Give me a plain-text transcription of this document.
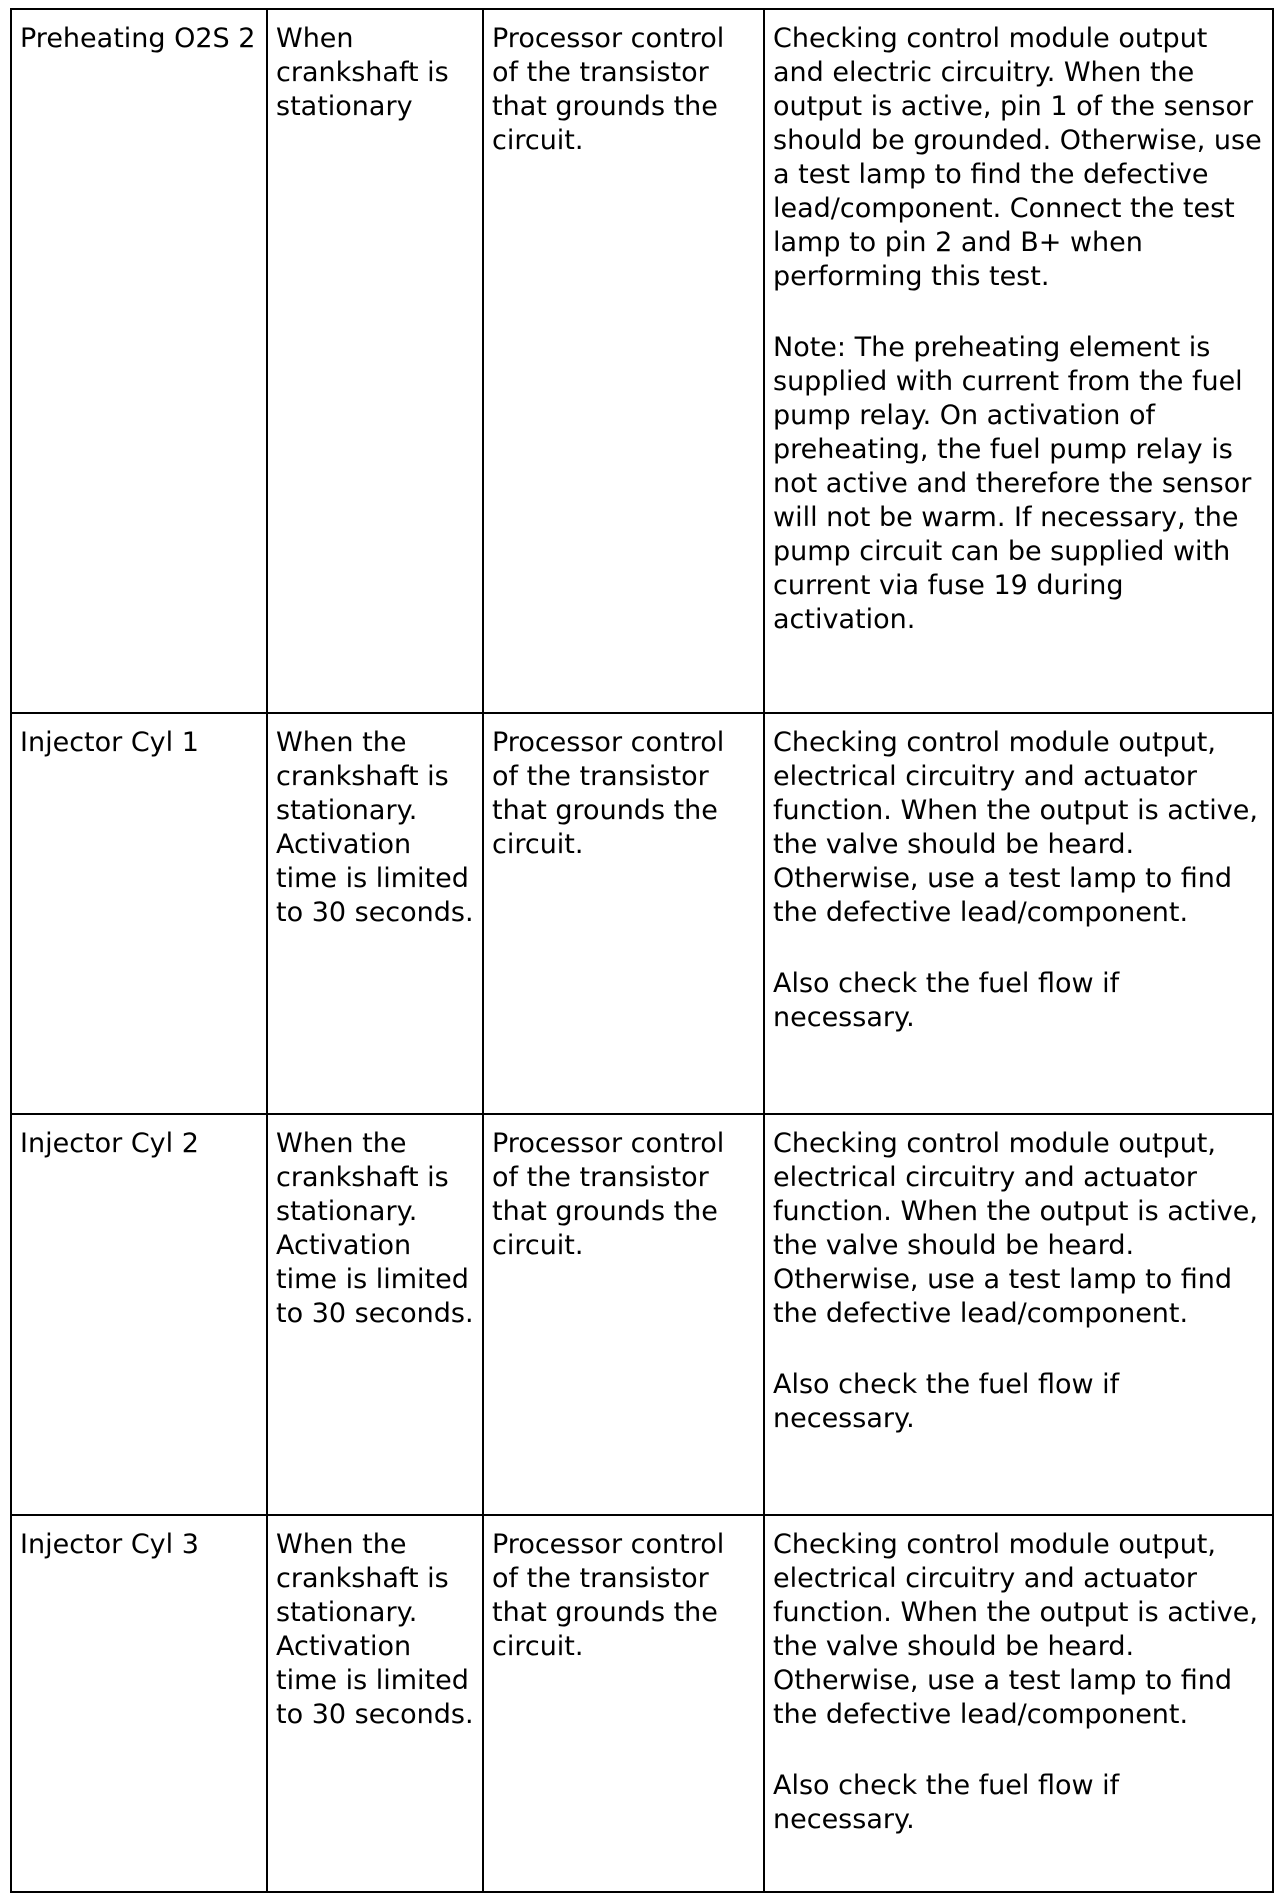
Preheating O2S 2	When crankshaft is stationary	Processor control of the transistor that grounds the circuit.	Checking control module output and electric circuitry. When the output is active, pin 1 of the sensor should be grounded. Otherwise, use a test lamp to find the defective lead/component. Connect the test lamp to pin 2 and B+ when performing this test.

Note: The preheating element is supplied with current from the fuel pump relay. On activation of preheating, the fuel pump relay is not active and therefore the sensor will not be warm. If necessary, the pump circuit can be supplied with current via fuse 19 during activation.

Injector Cyl 1	When the crankshaft is stationary. Activation time is limited to 30 seconds.	Processor control of the transistor that grounds the circuit.	Checking control module output, electrical circuitry and actuator function. When the output is active, the valve should be heard. Otherwise, use a test lamp to find the defective lead/component.

Also check the fuel flow if necessary.

Injector Cyl 2	When the crankshaft is stationary. Activation time is limited to 30 seconds.	Processor control of the transistor that grounds the circuit.	Checking control module output, electrical circuitry and actuator function. When the output is active, the valve should be heard. Otherwise, use a test lamp to find the defective lead/component.

Also check the fuel flow if necessary.

Injector Cyl 3	When the crankshaft is stationary. Activation time is limited to 30 seconds.	Processor control of the transistor that grounds the circuit.	Checking control module output, electrical circuitry and actuator function. When the output is active, the valve should be heard. Otherwise, use a test lamp to find the defective lead/component.

Also check the fuel flow if necessary.
